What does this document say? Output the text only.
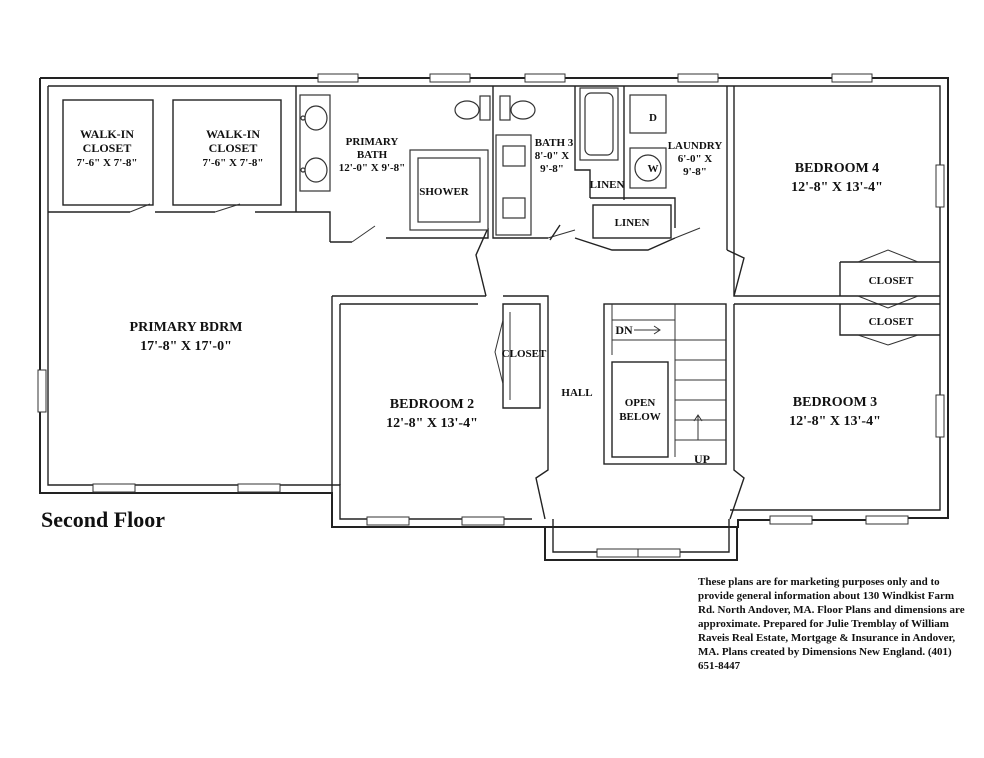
WALK-IN
CLOSET
7'-6" X 7'-8"
WALK-IN
CLOSET
7'-6" X 7'-8"
PRIMARY
BATH
12'-0" X 9'-8"
SHOWER
BATH 3
8'-0" X
9'-8"
D
W
LAUNDRY
6'-0" X
9'-8"
LINEN
LINEN
BEDROOM 4
12'-8" X 13'-4"
CLOSET
CLOSET
PRIMARY BDRM
17'-8" X 17'-0"
BEDROOM 2
12'-8" X 13'-4"
CLOSET
HALL
DN
OPEN
BELOW
UP
BEDROOM 3
12'-8" X 13'-4"
Second Floor

These plans are for marketing purposes only and to provide general information about 130 Windkist Farm Rd. North Andover, MA. Floor Plans and dimensions are approximate. Prepared for Julie Tremblay of William Raveis Real Estate, Mortgage & Insurance in Andover, MA. Plans created by Dimensions New England. (401) 651-8447
